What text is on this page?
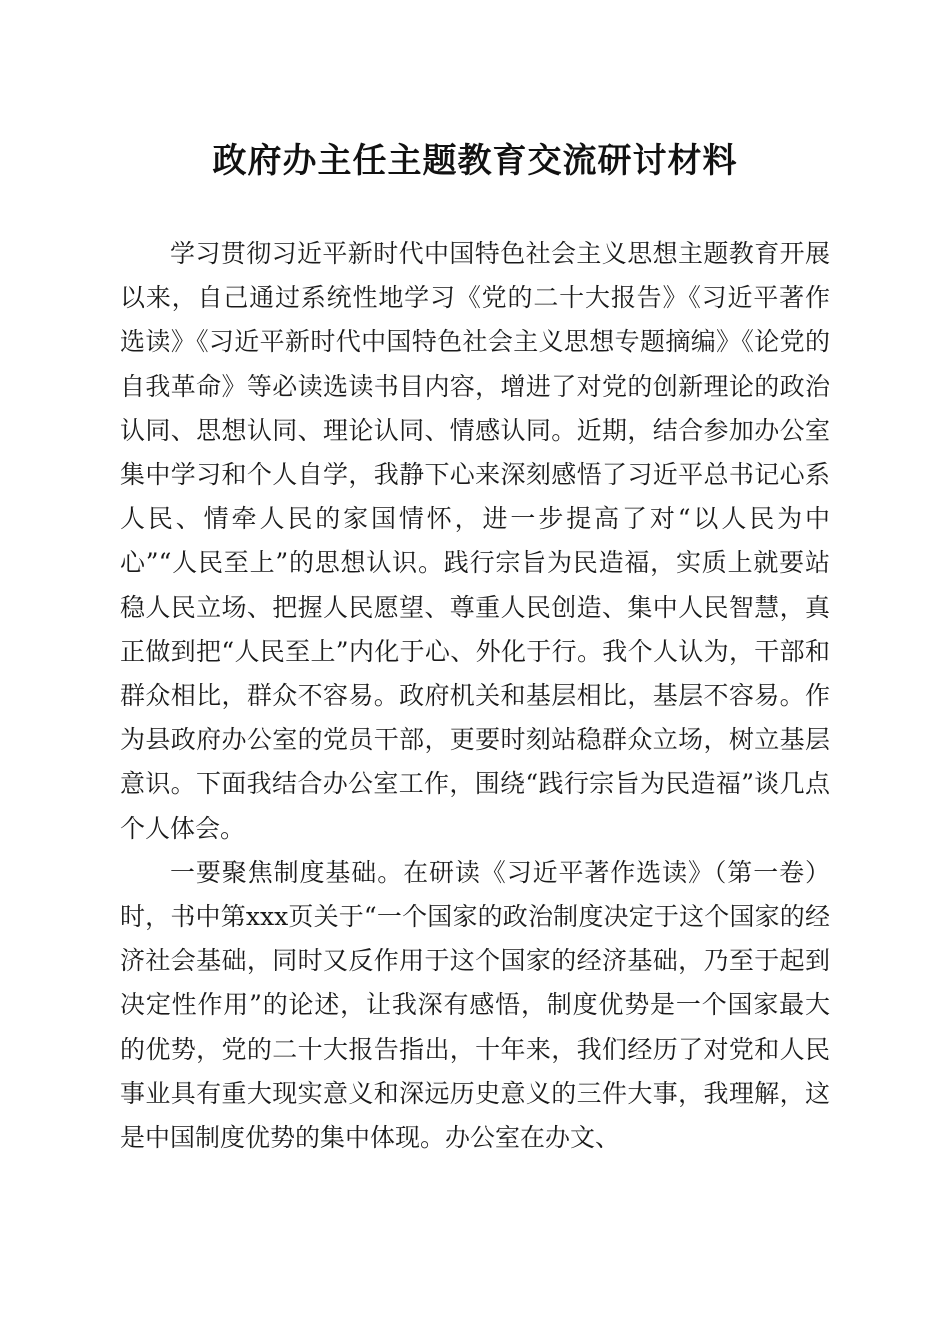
政府办主任主题教育交流研讨材料

学习贯彻习近平新时代中国特色社会主义思想主题教育开展以来，自己通过系统性地学习《党的二十大报告》《习近平著作选读》《习近平新时代中国特色社会主义思想专题摘编》《论党的自我革命》等必读选读书目内容，增进了对党的创新理论的政治认同、思想认同、理论认同、情感认同。近期，结合参加办公室集中学习和个人自学，我静下心来深刻感悟了习近平总书记心系人民、情牵人民的家国情怀，进一步提高了对“以人民为中心”“人民至上”的思想认识。践行宗旨为民造福，实质上就要站稳人民立场、把握人民愿望、尊重人民创造、集中人民智慧，真正做到把“人民至上”内化于心、外化于行。我个人认为，干部和群众相比，群众不容易。政府机关和基层相比，基层不容易。作为县政府办公室的党员干部，更要时刻站稳群众立场，树立基层意识。下面我结合办公室工作，围绕“践行宗旨为民造福”谈几点个人体会。

一要聚焦制度基础。在研读《习近平著作选读》（第一卷）时，书中第xxx页关于“一个国家的政治制度决定于这个国家的经济社会基础，同时又反作用于这个国家的经济基础，乃至于起到决定性作用”的论述，让我深有感悟，制度优势是一个国家最大的优势，党的二十大报告指出，十年来，我们经历了对党和人民事业具有重大现实意义和深远历史意义的三件大事，我理解，这是中国制度优势的集中体现。办公室在办文、
